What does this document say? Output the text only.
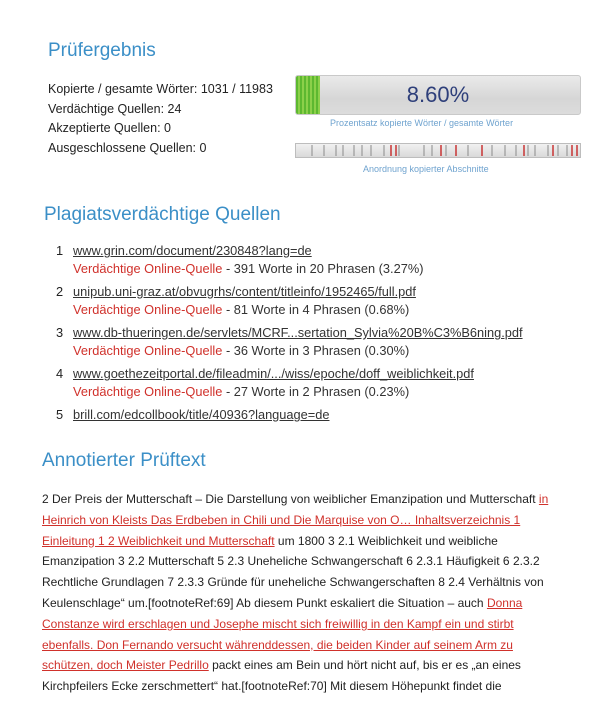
Prüfergebnis
Kopierte / gesamte Wörter: 1031 / 11983
Verdächtige Quellen: 24
Akzeptierte Quellen: 0
Ausgeschlossene Quellen: 0
8.60%
Prozentsatz kopierte Wörter / gesamte Wörter
Anordnung kopierter Abschnitte
Plagiatsverdächtige Quellen
1 www.grin.com/document/230848?lang=de
Verdächtige Online-Quelle - 391 Worte in 20 Phrasen (3.27%)
2 unipub.uni-graz.at/obvugrhs/content/titleinfo/1952465/full.pdf
Verdächtige Online-Quelle - 81 Worte in 4 Phrasen (0.68%)
3 www.db-thueringen.de/servlets/MCRF...sertation_Sylvia%20B%C3%B6ning.pdf
Verdächtige Online-Quelle - 36 Worte in 3 Phrasen (0.30%)
4 www.goethezeitportal.de/fileadmin/.../wiss/epoche/doff_weiblichkeit.pdf
Verdächtige Online-Quelle - 27 Worte in 2 Phrasen (0.23%)
5 brill.com/edcollbook/title/40936?language=de
Annotierter Prüftext

2 Der Preis der Mutterschaft – Die Darstellung von weiblicher Emanzipation und Mutterschaft in Heinrich von Kleists Das Erdbeben in Chili und Die Marquise von O… Inhaltsverzeichnis 1 Einleitung 1 2 Weiblichkeit und Mutterschaft um 1800 3 2.1 Weiblichkeit und weibliche Emanzipation 3 2.2 Mutterschaft 5 2.3 Uneheliche Schwangerschaft 6 2.3.1 Häufigkeit 6 2.3.2 Rechtliche Grundlagen 7 2.3.3 Gründe für uneheliche Schwangerschaften 8 2.4 Verhältnis von Keulenschlage“ um.[footnoteRef:69] Ab diesem Punkt eskaliert die Situation – auch Donna Constanze wird erschlagen und Josephe mischt sich freiwillig in den Kampf ein und stirbt ebenfalls. Don Fernando versucht währenddessen, die beiden Kinder auf seinem Arm zu schützen, doch Meister Pedrillo packt eines am Bein und hört nicht auf, bis er es „an eines Kirchpfeilers Ecke zerschmettert“ hat.[footnoteRef:70] Mit diesem Höhepunkt findet die
